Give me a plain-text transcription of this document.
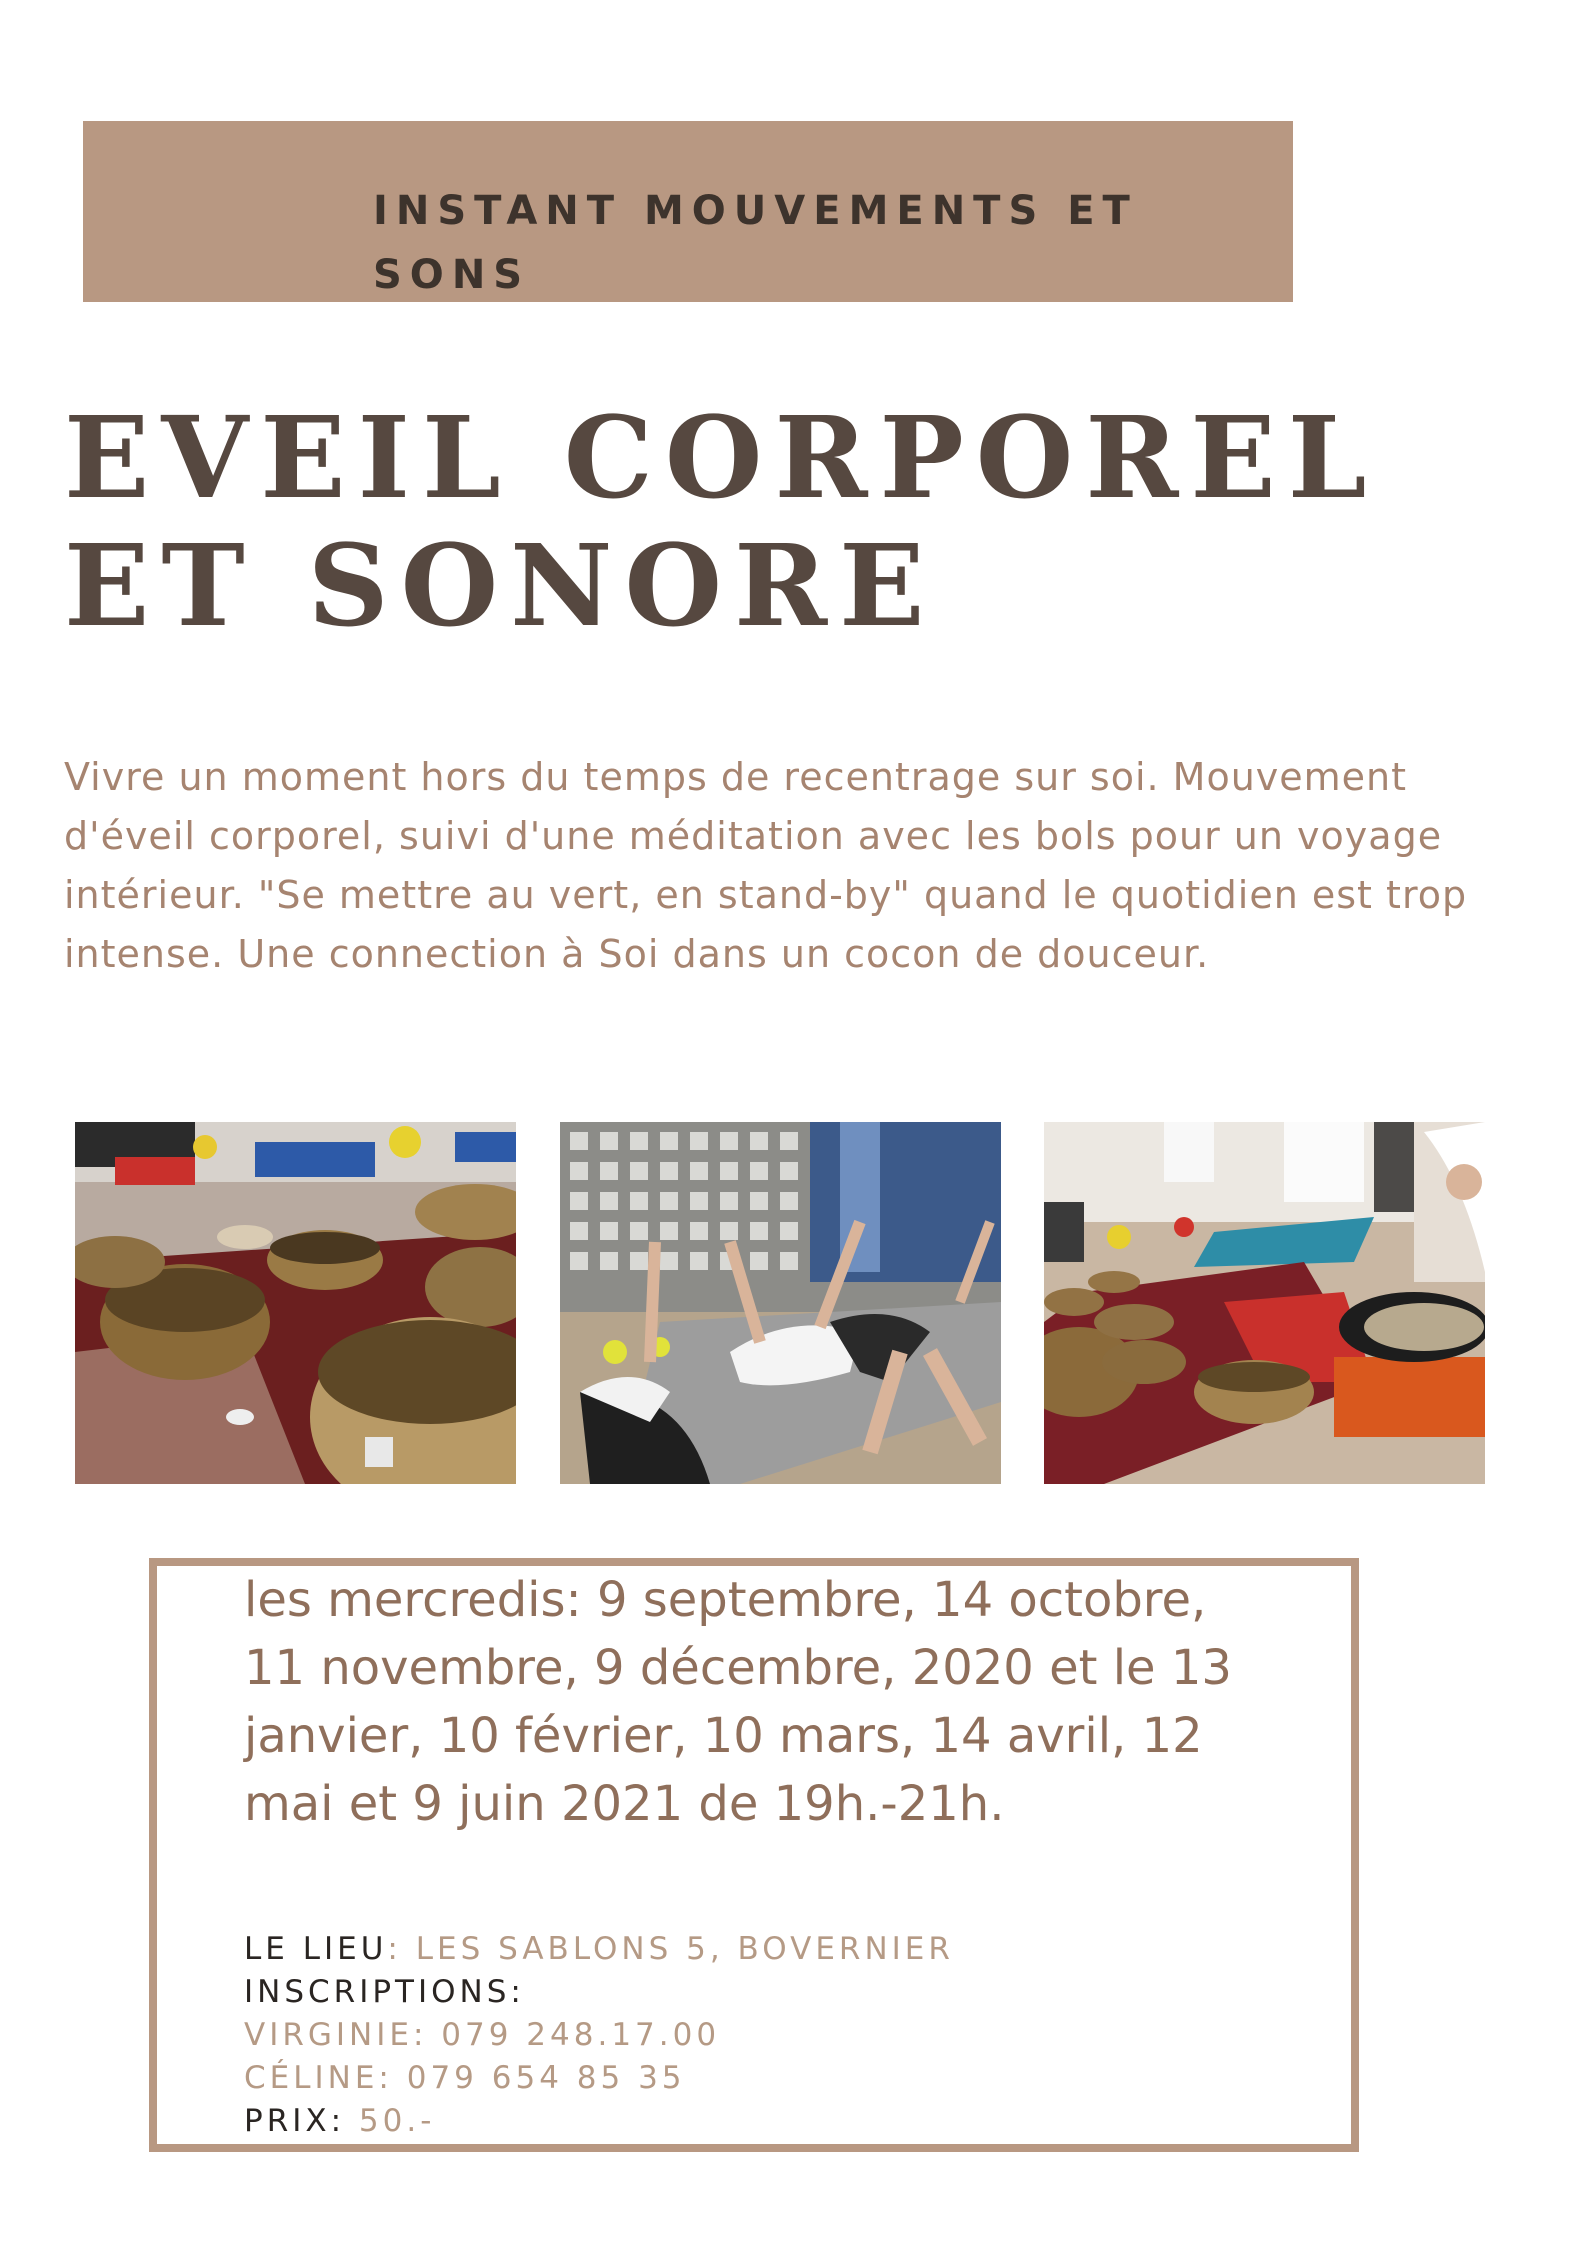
INSTANT MOUVEMENTS ET
SONS

EVEIL CORPOREL
ET SONORE

Vivre un moment hors du temps de recentrage sur soi. Mouvement d'éveil corporel, suivi d'une méditation avec les bols pour un voyage intérieur. "Se mettre au vert, en stand-by" quand le quotidien est trop intense. Une connection à Soi dans un cocon de douceur.

les mercredis: 9 septembre, 14 octobre, 11 novembre, 9 décembre, 2020 et le 13 janvier, 10 février, 10 mars, 14 avril, 12 mai et 9 juin 2021 de 19h.-21h.

LE LIEU: LES SABLONS 5, BOVERNIER
INSCRIPTIONS:
VIRGINIE: 079 248.17.00
CÉLINE: 079 654 85 35
PRIX: 50.-
